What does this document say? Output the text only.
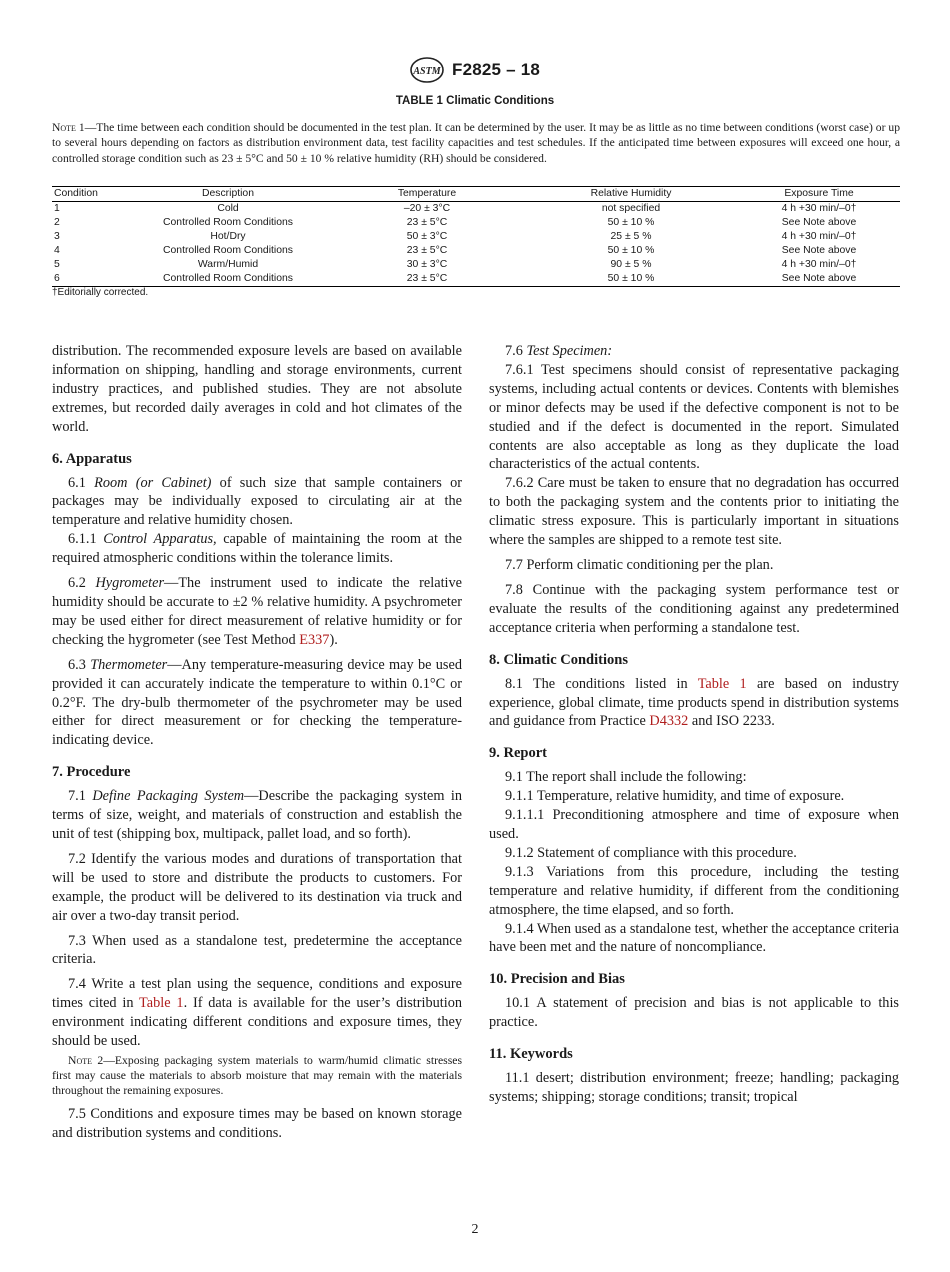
ASTM F2825 – 18
TABLE 1 Climatic Conditions
Note 1—The time between each condition should be documented in the test plan. It can be determined by the user. It may be as little as no time between conditions (worst case) or up to several hours depending on factors as distribution environment data, test facility capacities and test schedules. If the anticipated time between exposures will exceed one hour, a controlled storage condition such as 23 ± 5°C and 50 ± 10 % relative humidity (RH) should be considered.
Condition	Description	Temperature	Relative Humidity	Exposure Time
1	Cold	–20 ± 3°C	not specified	4 h +30 min/–0†
2	Controlled Room Conditions	23 ± 5°C	50 ± 10 %	See Note above
3	Hot/Dry	50 ± 3°C	25 ± 5 %	4 h +30 min/–0†
4	Controlled Room Conditions	23 ± 5°C	50 ± 10 %	See Note above
5	Warm/Humid	30 ± 3°C	90 ± 5 %	4 h +30 min/–0†
6	Controlled Room Conditions	23 ± 5°C	50 ± 10 %	See Note above
†Editorially corrected.

distribution. The recommended exposure levels are based on available information on shipping, handling and storage environments, current industry practices, and published studies. They are not absolute extremes, but recorded daily averages in cold and hot climates of the world.

6. Apparatus

6.1 Room (or Cabinet) of such size that sample containers or packages may be individually exposed to circulating air at the temperature and relative humidity chosen.

6.1.1 Control Apparatus, capable of maintaining the room at the required atmospheric conditions within the tolerance limits.

6.2 Hygrometer—The instrument used to indicate the relative humidity should be accurate to ±2 % relative humidity. A psychrometer may be used either for direct measurement of relative humidity or for checking the hygrometer (see Test Method E337).

6.3 Thermometer—Any temperature-measuring device may be used provided it can accurately indicate the temperature to within 0.1°C or 0.2°F. The dry-bulb thermometer of the psychrometer may be used either for direct measurement or for checking the temperature-indicating device.

7. Procedure

7.1 Define Packaging System—Describe the packaging system in terms of size, weight, and materials of construction and establish the unit of test (shipping box, multipack, pallet load, and so forth).

7.2 Identify the various modes and durations of transportation that will be used to store and distribute the products to customers. For example, the product will be delivered to its destination via truck and air over a two-day transit period.

7.3 When used as a standalone test, predetermine the acceptance criteria.

7.4 Write a test plan using the sequence, conditions and exposure times cited in Table 1. If data is available for the user’s distribution environment indicating different conditions and exposure times, they should be used.

Note 2—Exposing packaging system materials to warm/humid climatic stresses first may cause the materials to absorb moisture that may remain with the materials throughout the remaining exposures.

7.5 Conditions and exposure times may be based on known storage and distribution systems and conditions.

7.6 Test Specimen:

7.6.1 Test specimens should consist of representative packaging systems, including actual contents or devices. Contents with blemishes or minor defects may be used if the defective component is not to be studied and if the defect is documented in the report. Simulated contents are also acceptable as long as they duplicate the load characteristics of the actual contents.

7.6.2 Care must be taken to ensure that no degradation has occurred to both the packaging system and the contents prior to initiating the climatic stress exposure. This is particularly important in situations where the samples are shipped to a remote test site.

7.7 Perform climatic conditioning per the plan.

7.8 Continue with the packaging system performance test or evaluate the results of the conditioning against any predetermined acceptance criteria when performing a standalone test.

8. Climatic Conditions

8.1 The conditions listed in Table 1 are based on industry experience, global climate, time products spend in distribution systems and guidance from Practice D4332 and ISO 2233.

9. Report

9.1 The report shall include the following:

9.1.1 Temperature, relative humidity, and time of exposure.

9.1.1.1 Preconditioning atmosphere and time of exposure when used.

9.1.2 Statement of compliance with this procedure.

9.1.3 Variations from this procedure, including the testing temperature and relative humidity, if different from the conditioning atmosphere, the time elapsed, and so forth.

9.1.4 When used as a standalone test, whether the acceptance criteria have been met and the nature of noncompliance.

10. Precision and Bias

10.1 A statement of precision and bias is not applicable to this practice.

11. Keywords

11.1 desert; distribution environment; freeze; handling; packaging systems; shipping; storage conditions; transit; tropical

2
